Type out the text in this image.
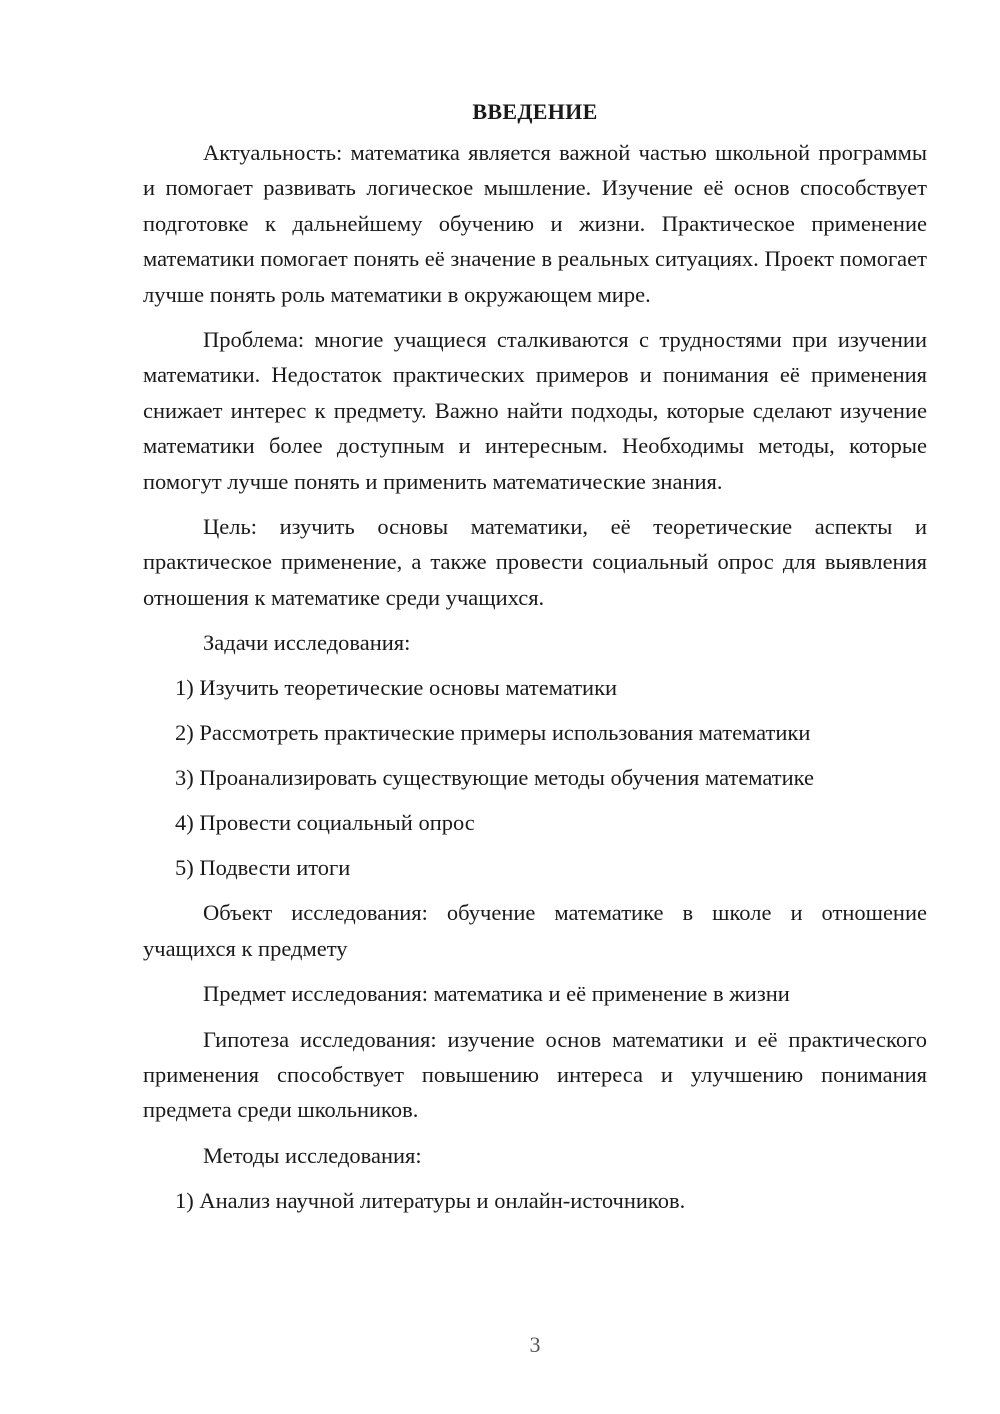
ВВЕДЕНИЕ

Актуальность: математика является важной частью школьной программы и помогает развивать логическое мышление. Изучение её основ способствует подготовке к дальнейшему обучению и жизни. Практическое применение математики помогает понять её значение в реальных ситуациях. Проект помогает лучше понять роль математики в окружающем мире.

Проблема: многие учащиеся сталкиваются с трудностями при изучении математики. Недостаток практических примеров и понимания её применения снижает интерес к предмету. Важно найти подходы, которые сделают изучение математики более доступным и интересным. Необходимы методы, которые помогут лучше понять и применить математические знания.

Цель: изучить основы математики, её теоретические аспекты и практическое применение, а также провести социальный опрос для выявления отношения к математике среди учащихся.

Задачи исследования:
1) Изучить теоретические основы математики
2) Рассмотреть практические примеры использования математики
3) Проанализировать существующие методы обучения математике
4) Провести социальный опрос
5) Подвести итоги

Объект исследования: обучение математике в школе и отношение учащихся к предмету

Предмет исследования: математика и её применение в жизни

Гипотеза исследования: изучение основ математики и её практического применения способствует повышению интереса и улучшению понимания предмета среди школьников.

Методы исследования:
1) Анализ научной литературы и онлайн-источников.
3
